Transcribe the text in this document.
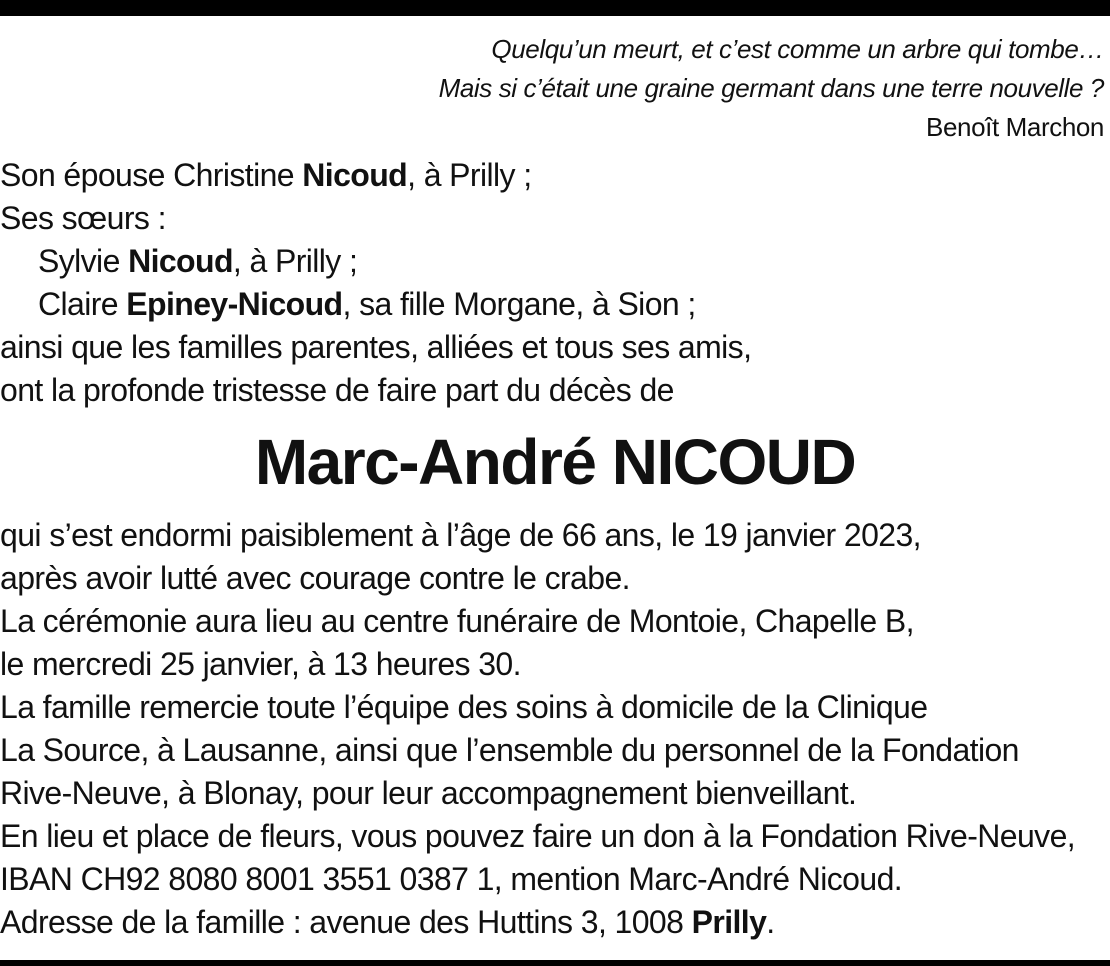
Quelqu’un meurt, et c’est comme un arbre qui tombe…
Mais si c’était une graine germant dans une terre nouvelle ?
Benoît Marchon
Son épouse Christine Nicoud, à Prilly ;
Ses sœurs :
Sylvie Nicoud, à Prilly ;
Claire Epiney-Nicoud, sa fille Morgane, à Sion ;
ainsi que les familles parentes, alliées et tous ses amis,
ont la profonde tristesse de faire part du décès de
Marc-André NICOUD
qui s’est endormi paisiblement à l’âge de 66 ans, le 19 janvier 2023,
après avoir lutté avec courage contre le crabe.
La cérémonie aura lieu au centre funéraire de Montoie, Chapelle B,
le mercredi 25 janvier, à 13 heures 30.
La famille remercie toute l’équipe des soins à domicile de la Clinique
La Source, à Lausanne, ainsi que l’ensemble du personnel de la Fondation
Rive-Neuve, à Blonay, pour leur accompagnement bienveillant.
En lieu et place de fleurs, vous pouvez faire un don à la Fondation Rive-Neuve,
IBAN CH92 8080 8001 3551 0387 1, mention Marc-André Nicoud.
Adresse de la famille : avenue des Huttins 3, 1008 Prilly.
